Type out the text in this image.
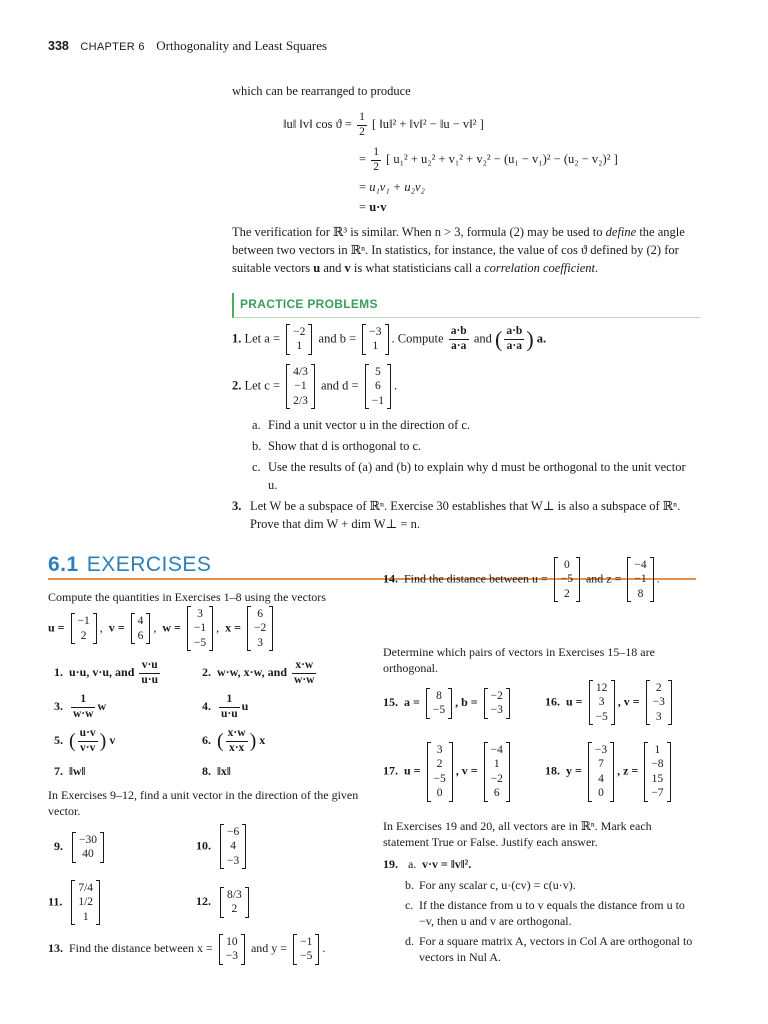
338 CHAPTER 6 Orthogonality and Least Squares
which can be rearranged to produce
‖u‖ ‖v‖ $\cos ϑ = \frac{1}{2}$ [ ‖u‖² + ‖v‖² − ‖u − v‖² ]
= $\frac{1}{2}$ [ u₁² + u₂² + v₁² + v₂² − (u₁ − v₁)² − (u₂ − v₂)² ]
= u₁v₁ + u₂v₂
= u·v
The verification for ℝ³ is similar. When n > 3, formula (2) may be used to define the angle between two vectors in ℝⁿ. In statistics, for instance, the value of cos ϑ defined by (2) for suitable vectors u and v is what statisticians call a correlation coefficient.
PRACTICE PROBLEMS
1. Let a = −2
1
and b = −3
1
. Compute $\frac{a\cdot b}{a\cdot a}$ and ( $\frac{a\cdot b}{a\cdot a}$ ) a.
2. Let c =
4/3
−1
2/3
and d =
5
6
−1
.
a. Find a unit vector u in the direction of c.
b. Show that d is orthogonal to c.
c. Use the results of (a) and (b) to explain why d must be orthogonal to the unit vector u.
3. Let W be a subspace of ℝⁿ. Exercise 30 establishes that W⊥ is also a subspace of ℝⁿ. Prove that dim W + dim W⊥ = n.
6.1 EXERCISES
Compute the quantities in Exercises 1–8 using the vectors
u = −1
2
,  v = 4
6
,  w =
3
−1
−5
,  x =
6
−2
3
1. u·u, v·u, and $\frac{v\cdot u}{u\cdot u}$	2. w·w, x·w, and $\frac{x\cdot w}{w\cdot w}$
3. $\frac{1}{w\cdot w}$ w	4. $\frac{1}{u\cdot u}$ u
5. ( $\frac{u\cdot v}{v\cdot v}$ ) v	6. ( $\frac{x\cdot w}{x\cdot x}$ ) x
7. ‖w‖	8. ‖x‖
In Exercises 9–12, find a unit vector in the direction of the given vector.
9. −30
40
10.
−6
4
−3
11.
7/4
1/2
1
12. 8/3
2
13. Find the distance between x = 10
−3
and y = −1
−5
.
14. Find the distance between u =
0
−5
2
and z =
−4
−1
8
.
Determine which pairs of vectors in Exercises 15–18 are orthogonal.
15. a = 8
−5
, b = −2
−3
16. u =
12
3
−5
, v =
2
−3
3
17. u =
3
2
−5
0
, v =
−4
1
−2
6
18. y =
−3
7
4
0
, z =
1
−8
15
−7
In Exercises 19 and 20, all vectors are in ℝⁿ. Mark each statement True or False. Justify each answer.
19. a. v·v = ‖v‖².
b. For any scalar c, u·(cv) = c(u·v).
c. If the distance from u to v equals the distance from u to −v, then u and v are orthogonal.
d. For a square matrix A, vectors in Col A are orthogonal to vectors in Nul A.
